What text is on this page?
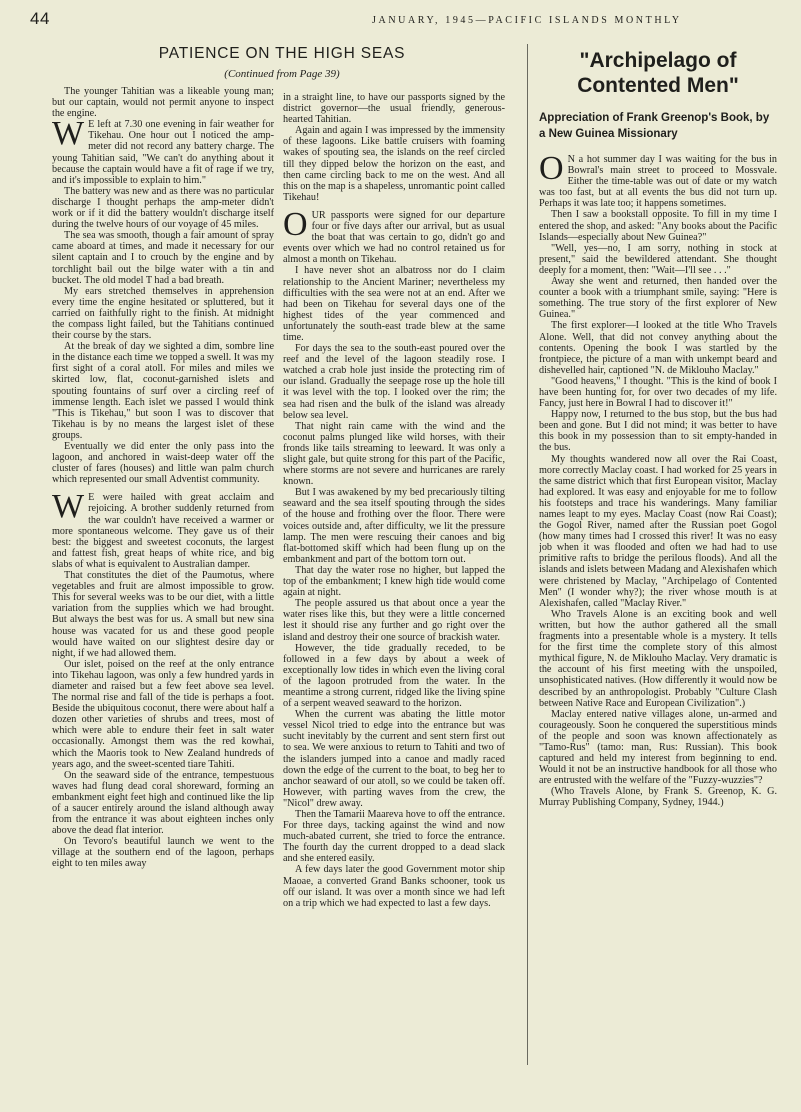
44	JANUARY, 1945—PACIFIC ISLANDS MONTHLY
PATIENCE ON THE HIGH SEAS
(Continued from Page 39)

The younger Tahitian was a likeable young man; but our captain, would not permit anyone to inspect the engine.

W E left at 7.30 one evening in fair weather for Tikehau. One hour out I noticed the amp-meter did not record any battery charge. The young Tahitian said, "We can't do anything about it because the captain would have a fit of rage if we try, and it's impossible to explain to him."

The battery was new and as there was no particular discharge I thought perhaps the amp-meter didn't work or if it did the battery wouldn't discharge itself during the twelve hours of our voyage of 45 miles.

The sea was smooth, though a fair amount of spray came aboard at times, and made it necessary for our silent captain and I to crouch by the engine and by torchlight bail out the bilge water with a tin and bucket. The old model T had a bad breath.

My ears stretched themselves in apprehension every time the engine hesitated or spluttered, but it carried on faithfully right to the finish. At midnight the compass light failed, but the Tahitians continued their course by the stars.

At the break of day we sighted a dim, sombre line in the distance each time we topped a swell. It was my first sight of a coral atoll. For miles and miles we skirted low, flat, coconut-garnished islets and spouting fountains of surf over a circling reef of immense length. Each islet we passed I would think "This is Tikehau," but soon I was to discover that Tikehau is by no means the largest islet of these groups.

Eventually we did enter the only pass into the lagoon, and anchored in waist-deep water off the cluster of fares (houses) and little wan palm church which represented our small Adventist community.

W E were hailed with great acclaim and rejoicing. A brother suddenly returned from the war couldn't have received a warmer or more spontaneous welcome. They gave us of their best: the biggest and sweetest coconuts, the largest and fattest fish, great heaps of white rice, and big slabs of what is equivalent to Australian damper.

That constitutes the diet of the Paumotus, where vegetables and fruit are almost impossible to grow. This for several weeks was to be our diet, with a little variation from the supplies which we had brought. But always the best was for us. A small but new sina house was vacated for us and these good people would have waited on our slightest desire day or night, if we had allowed them.

Our islet, poised on the reef at the only entrance into Tikehau lagoon, was only a few hundred yards in diameter and raised but a few feet above sea level. The normal rise and fall of the tide is perhaps a foot. Beside the ubiquitous coconut, there were about half a dozen other varieties of shrubs and trees, most of which were able to endure their feet in salt water occasionally. Amongst them was the red kowhai, which the Maoris took to New Zealand hundreds of years ago, and the sweet-scented tiare Tahiti.

On the seaward side of the entrance, tempestuous waves had flung dead coral shoreward, forming an embankment eight feet high and continued like the lip of a saucer entirely around the island although away from the entrance it was about eighteen inches only above the dead flat interior.

On Tevoro's beautiful launch we went to the village at the southern end of the lagoon, perhaps eight to ten miles away

in a straight line, to have our passports signed by the district governor—the usual friendly, generous-hearted Tahitian.

Again and again I was impressed by the immensity of these lagoons. Like battle cruisers with foaming wakes of spouting sea, the islands on the reef circled till they dipped below the horizon on the east, and then came circling back to me on the west. And all this on the map is a shapeless, unromantic point called Tikehau!

OUR passports were signed for our departure four or five days after our arrival, but as usual the boat that was certain to go, didn't go and events over which we had no control retained us for almost a month on Tikehau.

I have never shot an albatross nor do I claim relationship to the Ancient Mariner; nevertheless my difficulties with the sea were not at an end. After we had been on Tikehau for several days one of the highest tides of the year commenced and unfortunately the south-east trade blew at the same time.

For days the sea to the south-east poured over the reef and the level of the lagoon steadily rose. I watched a crab hole just inside the protecting rim of our island. Gradually the seepage rose up the hole till it was level with the top. I looked over the rim; the sea had risen and the bulk of the island was already below sea level.

That night rain came with the wind and the coconut palms plunged like wild horses, with their fronds like tails streaming to leeward. It was only a slight gale, but quite strong for this part of the Pacific, where storms are not severe and hurricanes are rarely known.

But I was awakened by my bed precariously tilting seaward and the sea itself spouting through the sides of the house and frothing over the floor. There were voices outside and, after difficulty, we lit the pressure lamp. The men were rescuing their canoes and big flat-bottomed skiff which had been flung up on the embankment and part of the bottom torn out.

That day the water rose no higher, but lapped the top of the embankment; I knew high tide would come again at night.

The people assured us that about once a year the water rises like this, but they were a little concerned lest it should rise any further and go right over the island and destroy their one source of brackish water.

However, the tide gradually receded, to be followed in a few days by about a week of exceptionally low tides in which even the living coral of the lagoon protruded from the water. In the meantime a strong current, ridged like the living spine of a serpent weaved seaward to the horizon.

When the current was abating the little motor vessel Nicol tried to edge into the entrance but was sucht inevitably by the current and sent stern first out to sea. We were anxious to return to Tahiti and two of the islanders jumped into a canoe and madly raced down the edge of the current to the boat, to beg her to anchor seaward of our atoll, so we could be taken off. However, with parting waves from the crew, the "Nicol" drew away.

Then the Tamarii Maareva hove to off the entrance. For three days, tacking against the wind and now much-abated current, she tried to force the entrance. The fourth day the current dropped to a dead slack and she entered easily.

A few days later the good Government motor ship Maoae, a converted Grand Banks schooner, took us off our island. It was over a month since we had left on a trip which we had expected to last a few days.

"Archipelago of Contented Men"
Appreciation of Frank Greenop's Book, by a New Guinea Missionary

O N a hot summer day I was waiting for the bus in Bowral's main street to proceed to Mossvale. Either the time-table was out of date or my watch was too fast, but at all events the bus did not turn up. Perhaps it was late too; it happens sometimes.

Then I saw a bookstall opposite. To fill in my time I entered the shop, and asked: "Any books about the Pacific Islands—especially about New Guinea?"

"Well, yes—no, I am sorry, nothing in stock at present," said the bewildered attendant. She thought deeply for a moment, then: "Wait—I'll see . . ."

Away she went and returned, then handed over the counter a book with a triumphant smile, saying: "Here is something. The true story of the first explorer of New Guinea."

The first explorer—I looked at the title Who Travels Alone. Well, that did not convey anything about the contents. Opening the book I was startled by the frontpiece, the picture of a man with unkempt beard and dishevelled hair, captioned "N. de Miklouho Maclay."

"Good heavens," I thought. "This is the kind of book I have been hunting for, for over two decades of my life. Fancy, just here in Bowral I had to discover it!"

Happy now, I returned to the bus stop, but the bus had been and gone. But I did not mind; it was better to have this book in my possession than to sit empty-handed in the bus.

My thoughts wandered now all over the Rai Coast, more correctly Maclay coast. I had worked for 25 years in the same district which that first European visitor, Maclay had explored. It was easy and enjoyable for me to follow his footsteps and trace his wanderings. Many familiar names leapt to my eyes. Maclay Coast (now Rai Coast); the Gogol River, named after the Russian poet Gogol (how many times had I crossed this river! It was no easy job when it was flooded and often we had had to use primitive rafts to bridge the perilous floods). And all the islands and islets between Madang and Alexishafen which were christened by Maclay, "Archipelago of Contented Men" (I wonder why?); the river whose mouth is at Alexishafen, called "Maclay River."

Who Travels Alone is an exciting book and well written, but how the author gathered all the small fragments into a presentable whole is a mystery. It tells for the first time the complete story of this almost mythical figure, N. de Miklouho Maclay. Very dramatic is the account of his first meeting with the unspoiled, unsophisticated natives. (How differently it would now be described by an anthropologist. Probably "Culture Clash between Native Race and European Civilization".)

Maclay entered native villages alone, un-armed and courageously. Soon he conquered the superstitious minds of the people and soon was known affectionately as "Tamo-Rus" (tamo: man, Rus: Russian). This book captured and held my interest from beginning to end. Would it not be an instructive handbook for all those who are entrusted with the welfare of the "Fuzzy-wuzzies"?

(Who Travels Alone, by Frank S. Greenop, K. G. Murray Publishing Company, Sydney, 1944.)
